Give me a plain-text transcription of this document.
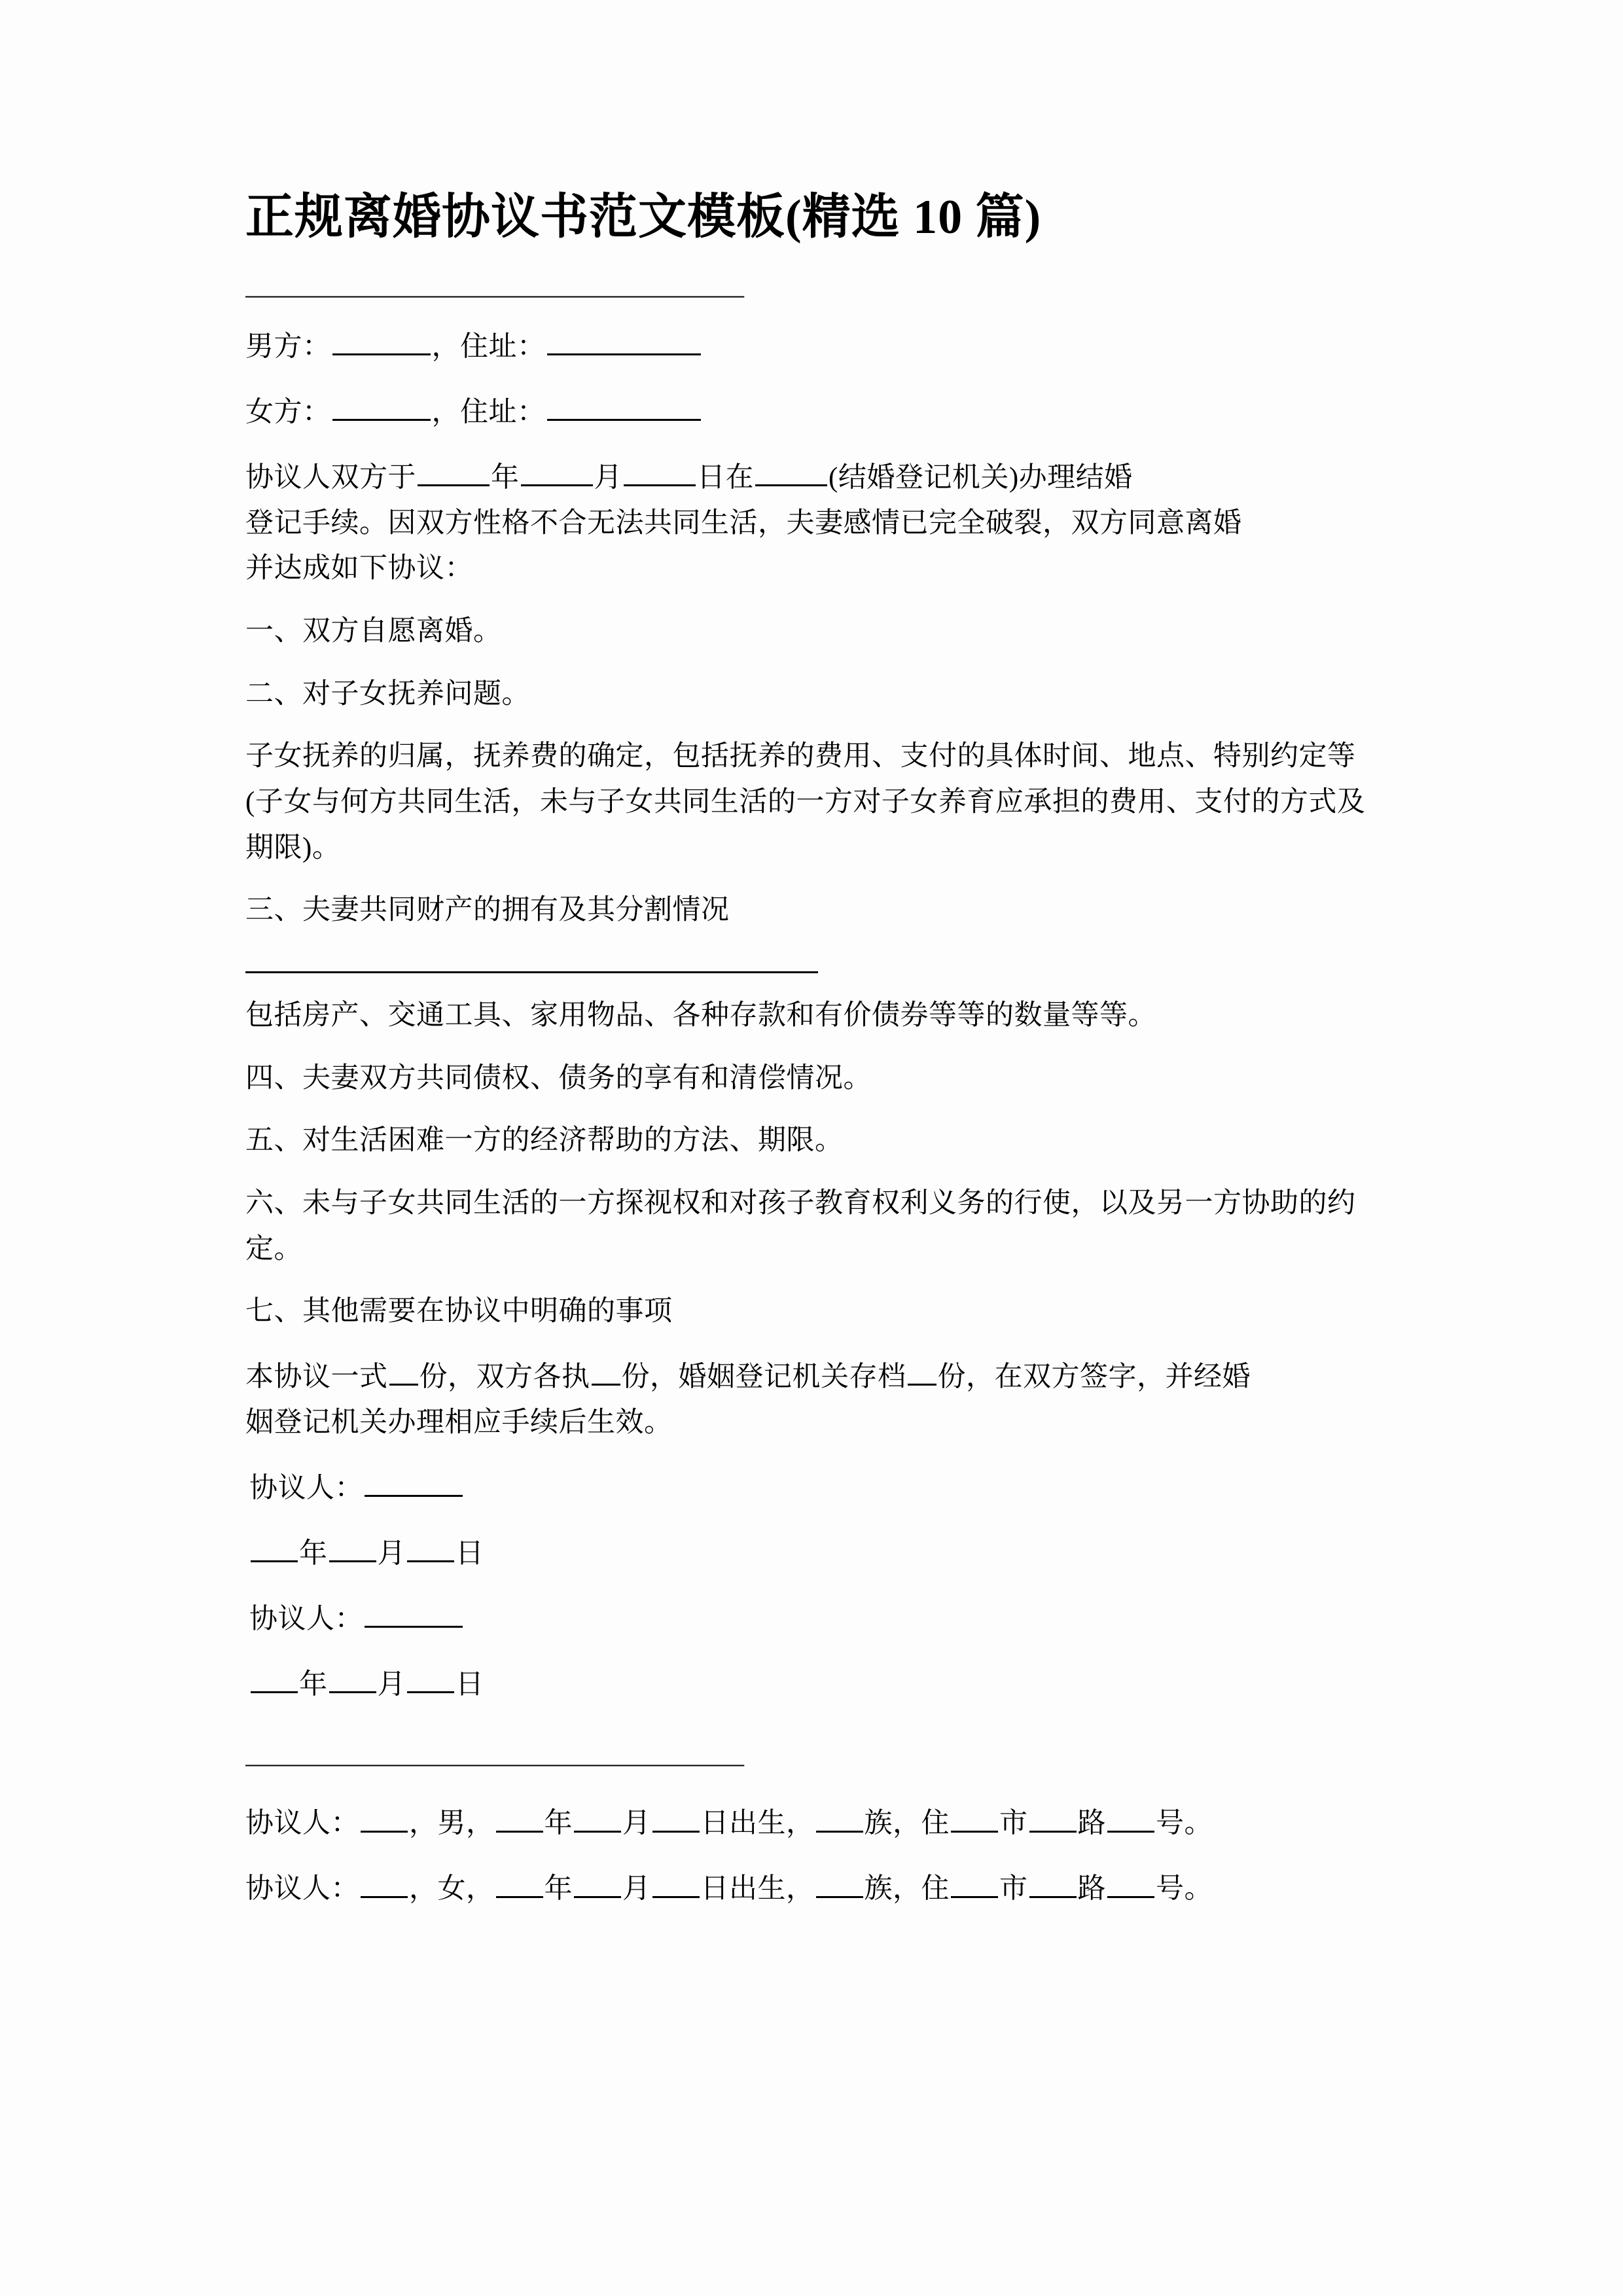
正规离婚协议书范文模板(精选 10 篇)
————————————————————

男方：	，住址：

女方：	，住址：

协议人双方于	年	月	日在	(结婚登记机关)办理结婚

登记手续。因双方性格不合无法共同生活，夫妻感情已完全破裂，双方同意离婚

并达成如下协议：

一、双方自愿离婚。

二、对子女抚养问题。

子女抚养的归属，抚养费的确定，包括抚养的费用、支付的具体时间、地点、特别约定等(子女与何方共同生活，未与子女共同生活的一方对子女养育应承担的费用、支付的方式及期限)。

三、夫妻共同财产的拥有及其分割情况

包括房产、交通工具、家用物品、各种存款和有价债券等等的数量等等。

四、夫妻双方共同债权、债务的享有和清偿情况。

五、对生活困难一方的经济帮助的方法、期限。

六、未与子女共同生活的一方探视权和对孩子教育权利义务的行使，以及另一方协助的约定。

七、其他需要在协议中明确的事项

本协议一式 份，双方各执 份，婚姻登记机关存档 份，在双方签字，并经婚

姻登记机关办理相应手续后生效。

协议人：

年 月 日

协议人：

年 月 日

————————————————————

协议人： ，男， 年 月 日出生， 族，住 市 路 号。

协议人： ，女， 年 月 日出生， 族，住 市 路 号。
